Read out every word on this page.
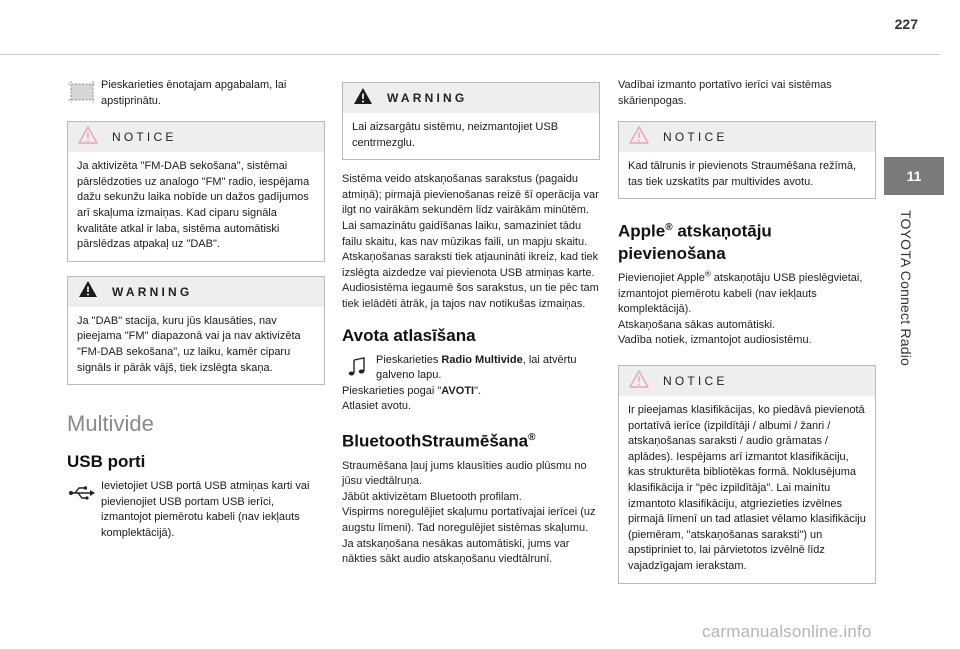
227
11
TOYOTA Connect Radio
Pieskarieties ēnotajam apgabalam, lai apstiprinātu.
NOTICE
Ja aktivizēta "FM-DAB sekošana", sistēmai pārslēdzoties uz analogo "FM" radio, iespējama dažu sekunžu laika nobīde un dažos gadījumos arī skaļuma izmaiņas. Kad ciparu signāla kvalitāte atkal ir laba, sistēma automātiski pārslēdzas atpakaļ uz "DAB".
WARNING
Ja "DAB" stacija, kuru jūs klausāties, nav pieejama "FM" diapazonā vai ja nav aktivizēta "FM-DAB sekošana", uz laiku, kamēr ciparu signāls ir pārāk vājš, tiek izslēgta skaņa.
Multivide
USB porti
Ievietojiet USB portā USB atmiņas karti vai pievienojiet USB portam USB ierīci, izmantojot piemērotu kabeli (nav iekļauts komplektācijā).
WARNING
Lai aizsargātu sistēmu, neizmantojiet USB centrmezglu.
Sistēma veido atskaņošanas sarakstus (pagaidu atmiņā); pirmajā pievienošanas reizē šī operācija var ilgt no vairākām sekundēm līdz vairākām minūtēm.
Lai samazinātu gaidīšanas laiku, samaziniet tādu failu skaitu, kas nav mūzikas faili, un mapju skaitu.
Atskaņošanas saraksti tiek atjaunināti ikreiz, kad tiek izslēgta aizdedze vai pievienota USB atmiņas karte. Audiosistēma iegaumē šos sarakstus, un tie pēc tam tiek ielādēti ātrāk, ja tajos nav notikušas izmaiņas.
Avota atlasīšana
Pieskarieties Radio Multivide, lai atvērtu galveno lapu.
Pieskarieties pogai "AVOTI".
Atlasiet avotu.
BluetoothStraumēšana®
Straumēšana ļauj jums klausīties audio plūsmu no jūsu viedtālruņa.
Jābūt aktivizētam Bluetooth profilam.
Vispirms noregulējiet skaļumu portatīvajai ierīcei (uz augstu līmeni). Tad noregulējiet sistēmas skaļumu.
Ja atskaņošana nesākas automātiski, jums var nākties sākt audio atskaņošanu viedtālrunī.
Vadībai izmanto portatīvo ierīci vai sistēmas skārienpogas.
NOTICE
Kad tālrunis ir pievienots Straumēšana režīmā, tas tiek uzskatīts par multivides avotu.
Apple® atskaņotāju pievienošana
Pievienojiet Apple® atskaņotāju USB pieslēgvietai, izmantojot piemērotu kabeli (nav iekļauts komplektācijā).
Atskaņošana sākas automātiski.
Vadība notiek, izmantojot audiosistēmu.
NOTICE
Ir pieejamas klasifikācijas, ko piedāvā pievienotā portatīvā ierīce (izpildītāji / albumi / žanri / atskaņošanas saraksti / audio grāmatas / aplādes). Iespējams arī izmantot klasifikāciju, kas strukturēta bibliotēkas formā. Noklusējuma klasifikācija ir "pēc izpildītāja". Lai mainītu izmantoto klasifikāciju, atgriezieties izvēlnes pirmajā līmenī un tad atlasiet vēlamo klasifikāciju (piemēram, "atskaņošanas saraksti") un apstipriniet to, lai pārvietotos izvēlnē līdz vajadzīgajam ierakstam.
carmanualsonline.info
